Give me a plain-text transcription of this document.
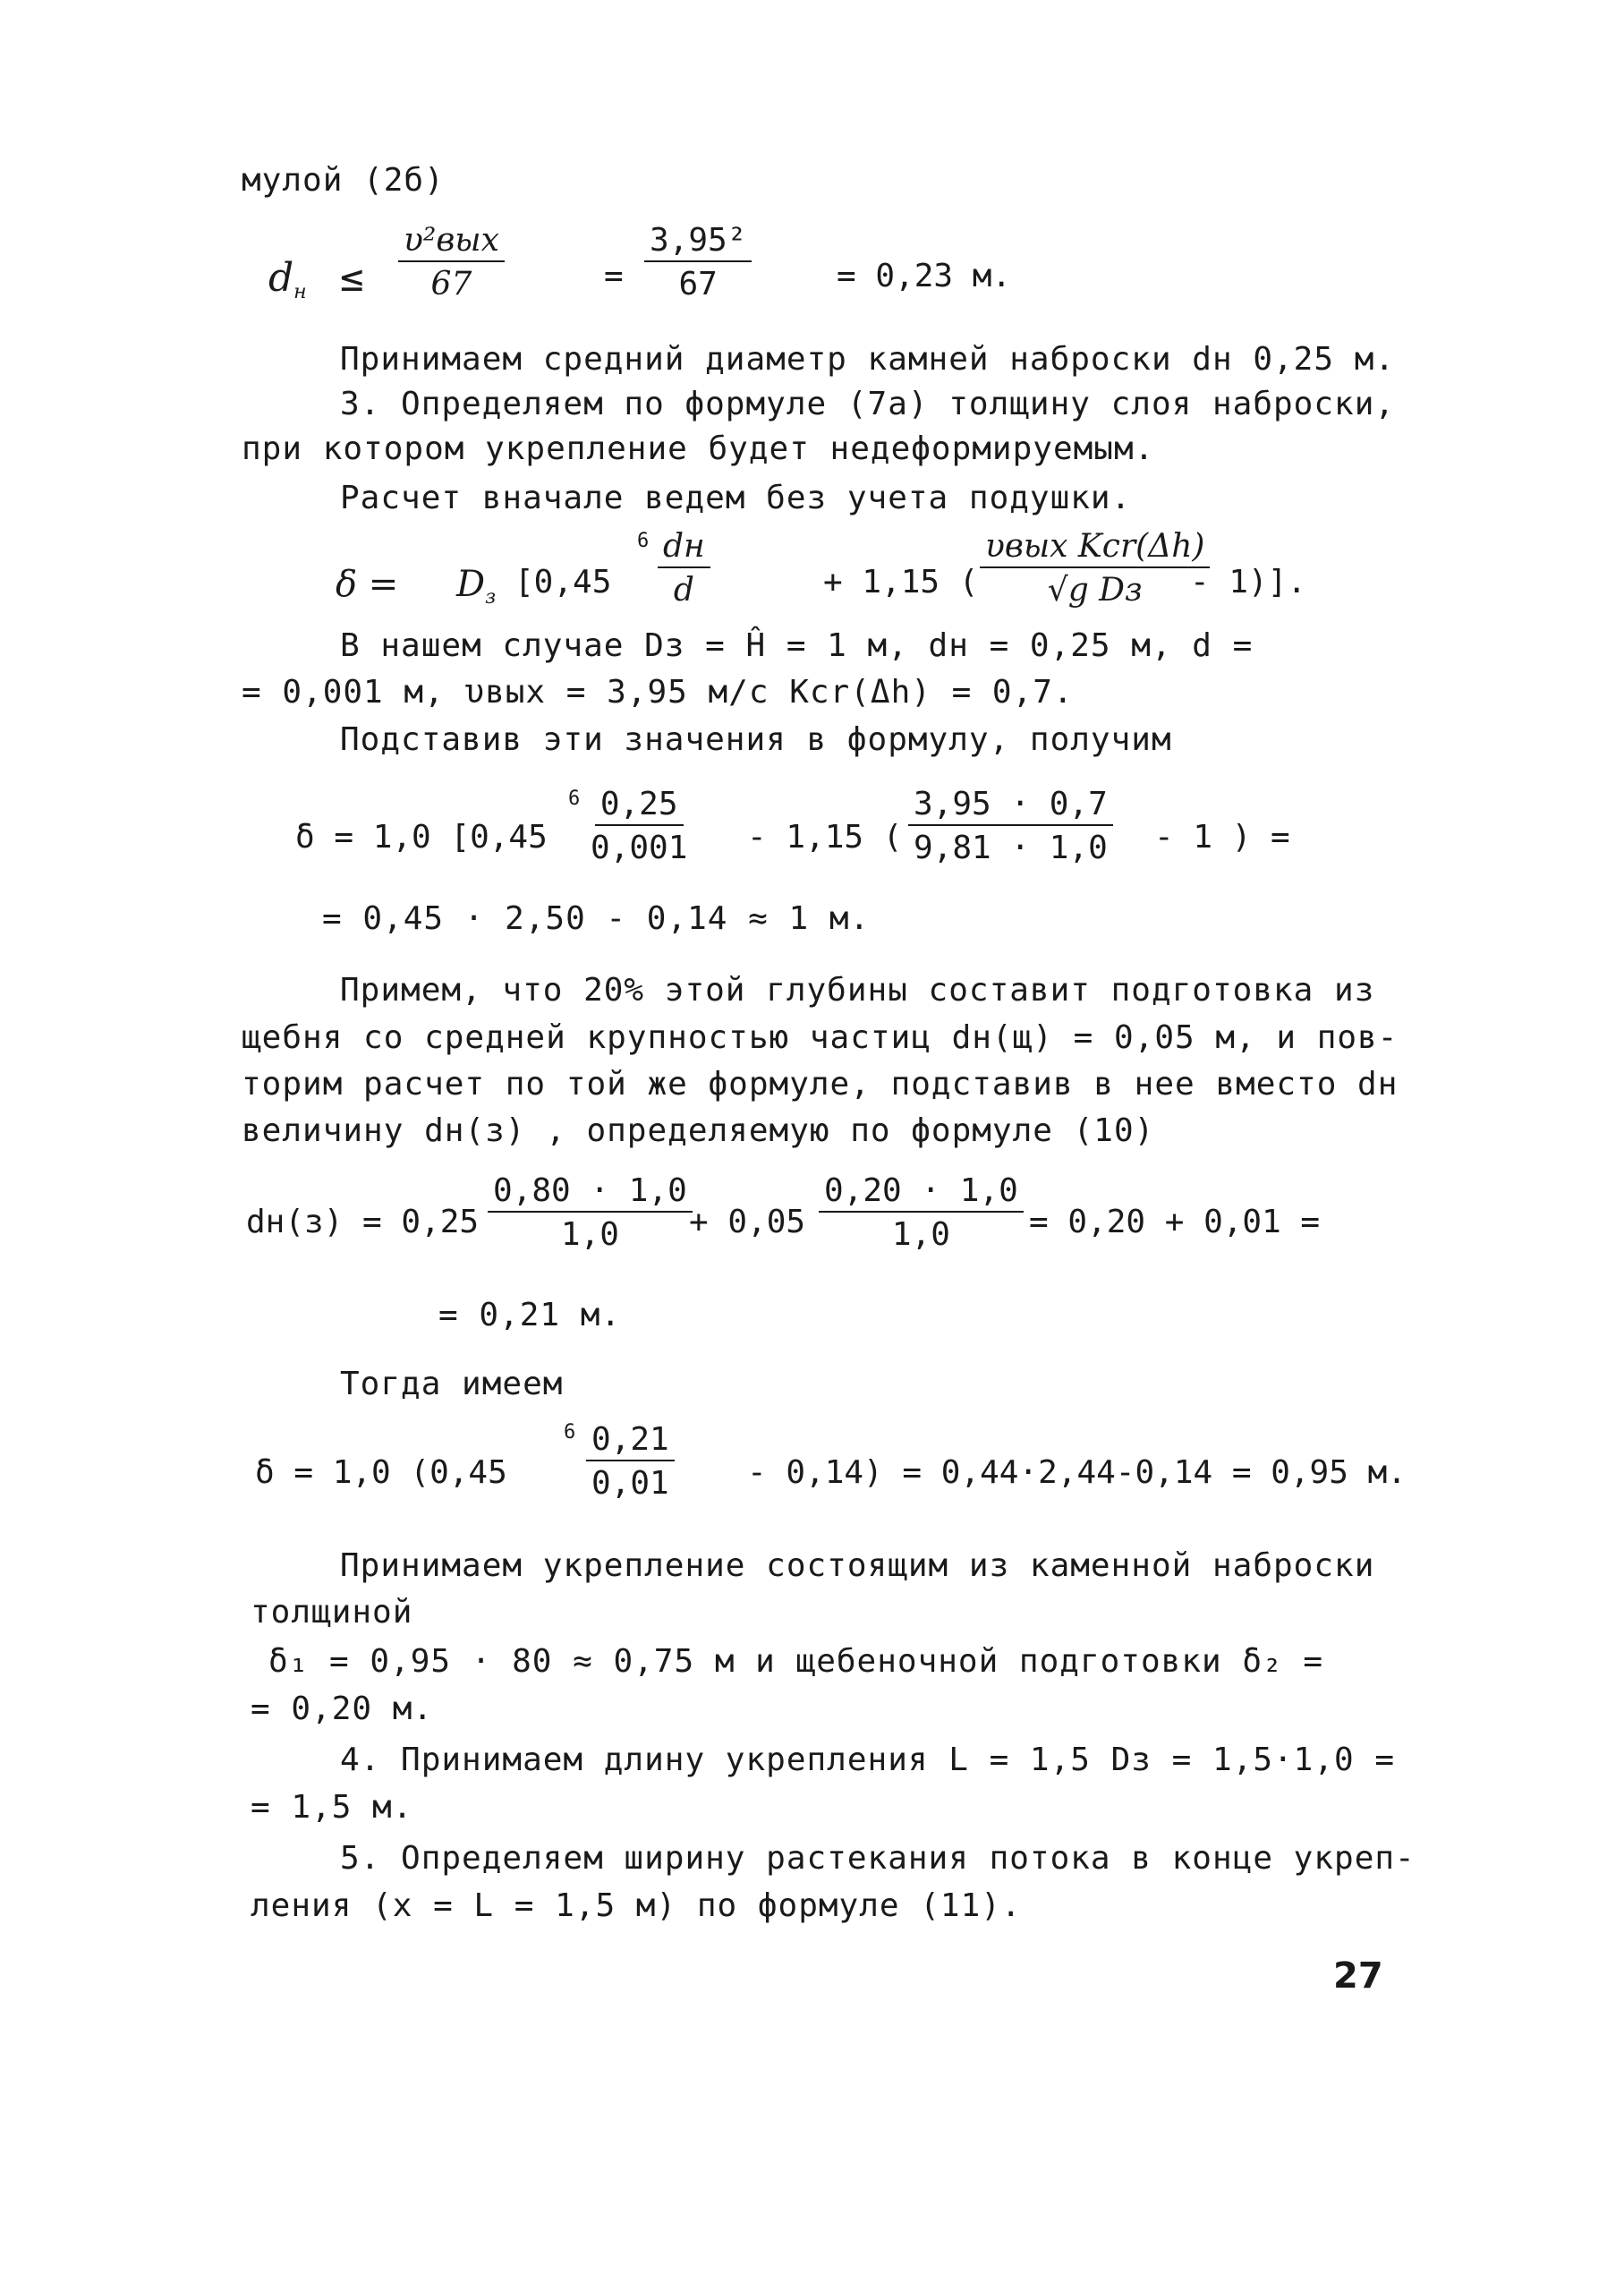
мулой (2б)
dн ≤
υ²вых
67	= $\frac{\text{3,95²}}{67}$	= 0,23 м.
Принимаем средний диаметр камней наброски dн 0,25 м.
3. Определяем по формуле (7а) толщину слоя наброски,
при котором укрепление будет недеформируемым.
Расчет вначале ведем без учета подушки.
$\delta = D_з$ [0,45
6 dн
d	+ 1,15 (
υвых Kсr(Δh)
√g Dз - 1)].
В нашем случае Dз = Ĥ = 1 м, dн = 0,25 м, d =
= 0,001 м, υвых = 3,95 м/с Kсr(Δh) = 0,7.
Подставив эти значения в формулу, получим
δ = 1,0 [0,45
$6 \frac{0,25}{0,001} - 1,15$ ( $\frac{3,95 \cdot 0,7}{9,81 \cdot 1,0} - 1$ ) =
= 0,45 · 2,50 - 0,14 ≈ 1 м.
Примем, что 20% этой глубины составит подготовка из
щебня со средней крупностью частиц dн(щ) = 0,05 м, и пов-
торим расчет по той же формуле, подставив в нее вместо dн
величину dн(з) , определяемую по формуле (10)
$dн(з) = 0,25 \frac{0,80 \cdot 1,0}{1,0}$
+ $0,05 \frac{0,20 \cdot 1,0}{1,0} = 0,20 + 0,01$ =
= 0,21 м.
Тогда имеем
δ = 1,0 (0,45
$6 \frac{0,21}{0,01} - 0,14) = 0,44\cdot 2,44-0,14 = 0,95$ м.
Принимаем укрепление состоящим из каменной наброски
толщиной
δ₁ = 0,95 · 80 ≈ 0,75 м и щебеночной подготовки δ₂ =
= 0,20 м.
4. Принимаем длину укрепления L = 1,5 Dз = 1,5·1,0 =
= 1,5 м.
5. Определяем ширину растекания потока в конце укреп-
ления (x = L = 1,5 м) по формуле (11).
27
